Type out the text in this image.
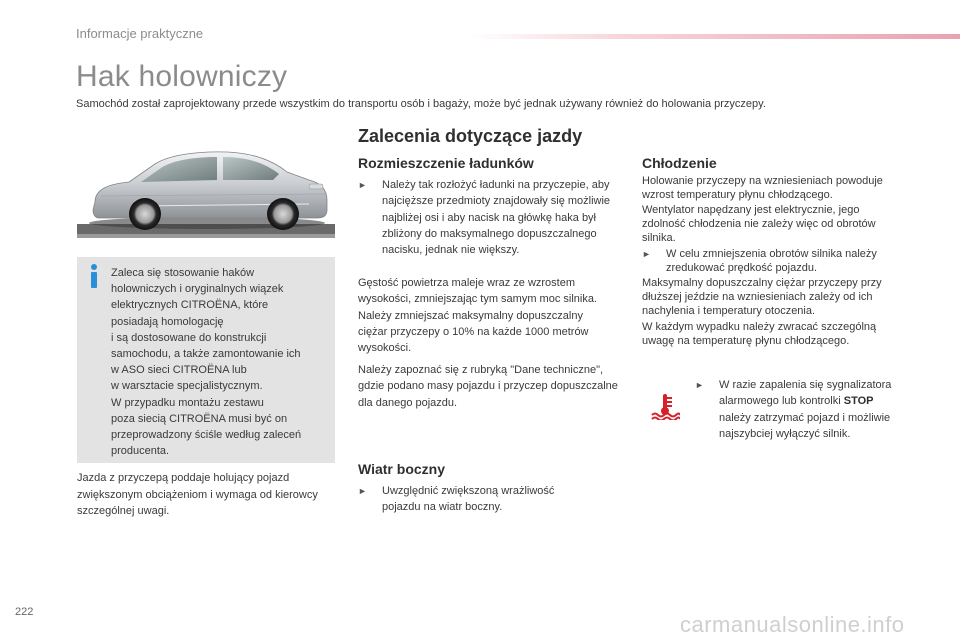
Informacje praktyczne
Hak holowniczy
Samochód został zaprojektowany przede wszystkim do transportu osób i bagaży, może być jednak używany również do holowania przyczepy.
Zaleca się stosowanie haków
holowniczych i oryginalnych wiązek
elektrycznych CITROËNA, które
posiadają homologację
i są dostosowane do konstrukcji
samochodu, a także zamontowanie ich
w ASO sieci CITROËNA lub
w warsztacie specjalistycznym.
W przypadku montażu zestawu
poza siecią CITROËNA musi być on
przeprowadzony ściśle według zaleceń
producenta.
Jazda z przyczepą poddaje holujący pojazd zwiększonym obciążeniom i wymaga od kierowcy szczególnej uwagi.
Zalecenia dotyczące jazdy
Rozmieszczenie ładunków
► Należy tak rozłożyć ładunki na przyczepie, aby najcięższe przedmioty znajdowały się możliwie najbliżej osi i aby nacisk na główkę haka był zbliżony do maksymalnego dopuszczalnego nacisku, jednak nie większy.
Gęstość powietrza maleje wraz ze wzrostem wysokości, zmniejszając tym samym moc silnika. Należy zmniejszać maksymalny dopuszczalny ciężar przyczepy o 10% na każde 1000 metrów wysokości.
Należy zapoznać się z rubryką "Dane techniczne", gdzie podano masy pojazdu i przyczep dopuszczalne dla danego pojazdu.
Wiatr boczny
► Uwzględnić zwiększoną wrażliwość pojazdu na wiatr boczny.
Chłodzenie
Holowanie przyczepy na wzniesieniach powoduje wzrost temperatury płynu chłodzącego.
Wentylator napędzany jest elektrycznie, jego zdolność chłodzenia nie zależy więc od obrotów silnika.
► W celu zmniejszenia obrotów silnika należy zredukować prędkość pojazdu.
Maksymalny dopuszczalny ciężar przyczepy przy dłuższej jeździe na wzniesieniach zależy od ich nachylenia i temperatury otoczenia.
W każdym wypadku należy zwracać szczególną uwagę na temperaturę płynu chłodzącego.
► W razie zapalenia się sygnalizatora alarmowego lub kontrolki STOP należy zatrzymać pojazd i możliwie najszybciej wyłączyć silnik.
222	carmanualsonline.info
